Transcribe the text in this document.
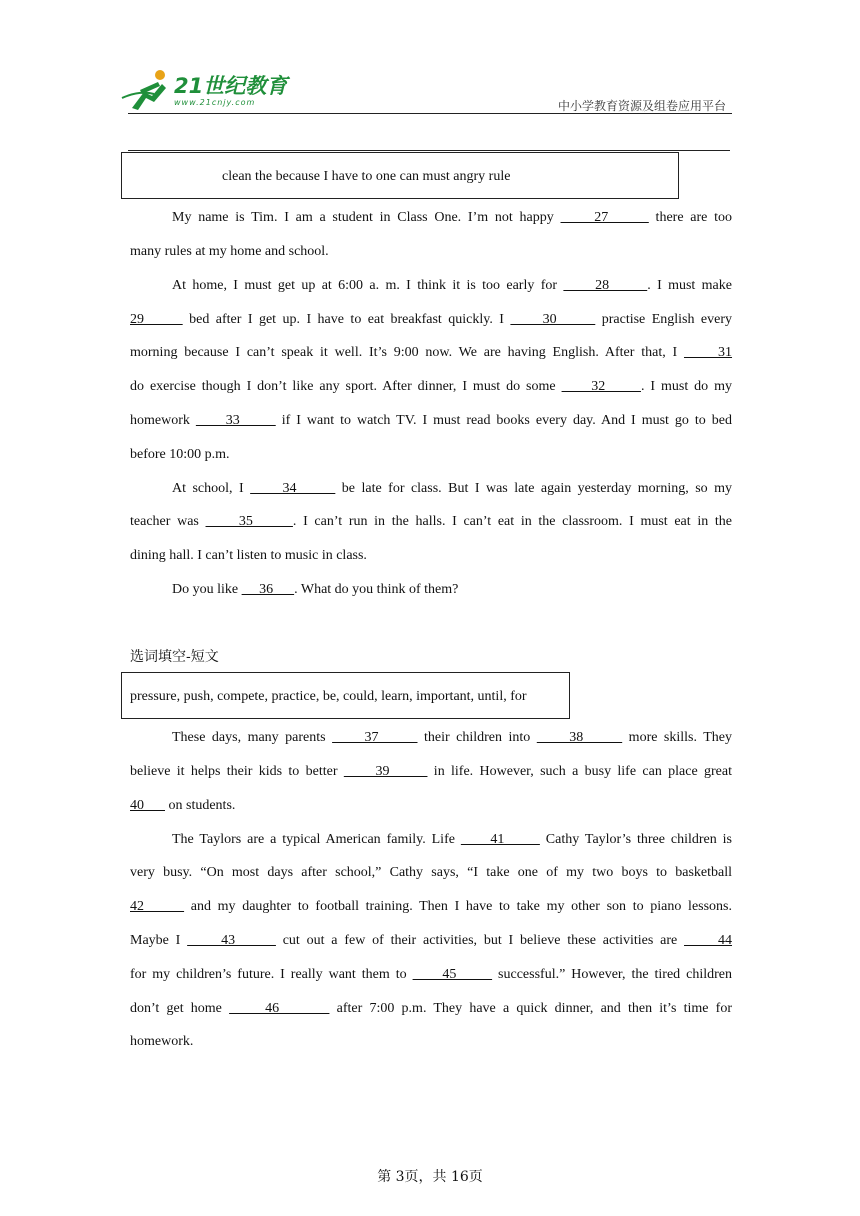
21世纪教育
www.21cnjy.com	中小学教育资源及组卷应用平台
clean the because I have to one can must angry rule
My name is Tim. I am a student in Class One. I’m not happy      27       there are too
many rules at my home and school.
At home, I must get up at 6:00 a. m. I think it is too early for      28      . I must make
29       bed after I get up. I have to eat breakfast quickly. I      30       practise English every
morning because I can’t speak it well. It’s 9:00 now. We are having English. After that, I      31
do exercise though I don’t like any sport. After dinner, I must do some      32      . I must do my
homework      33       if I want to watch TV. I must read books every day. And I must go to bed
before 10:00 p.m.
At school, I      34       be late for class. But I was late again yesterday morning, so my
teacher was      35      . I can’t run in the halls. I can’t eat in the classroom. I must eat in the
dining hall. I can’t listen to music in class.
Do you like      36      . What do you think of them?
选词填空-短文
pressure, push, compete, practice, be, could, learn, important, until, for
These days, many parents      37       their children into      38       more skills. They
believe it helps their kids to better      39       in life. However, such a busy life can place great
40       on students.
The Taylors are a typical American family. Life      41       Cathy Taylor’s three children is
very busy. “On most days after school,” Cathy says, “I take one of my two boys to basketball
42       and my daughter to football training. Then I have to take my other son to piano lessons.
Maybe I      43       cut out a few of their activities, but I believe these activities are      44
for my children’s future. I really want them to      45       successful.” However, the tired children
don’t get home      46        after 7:00 p.m. They have a quick dinner, and then it’s time for
homework.
第 3页，共 16页
